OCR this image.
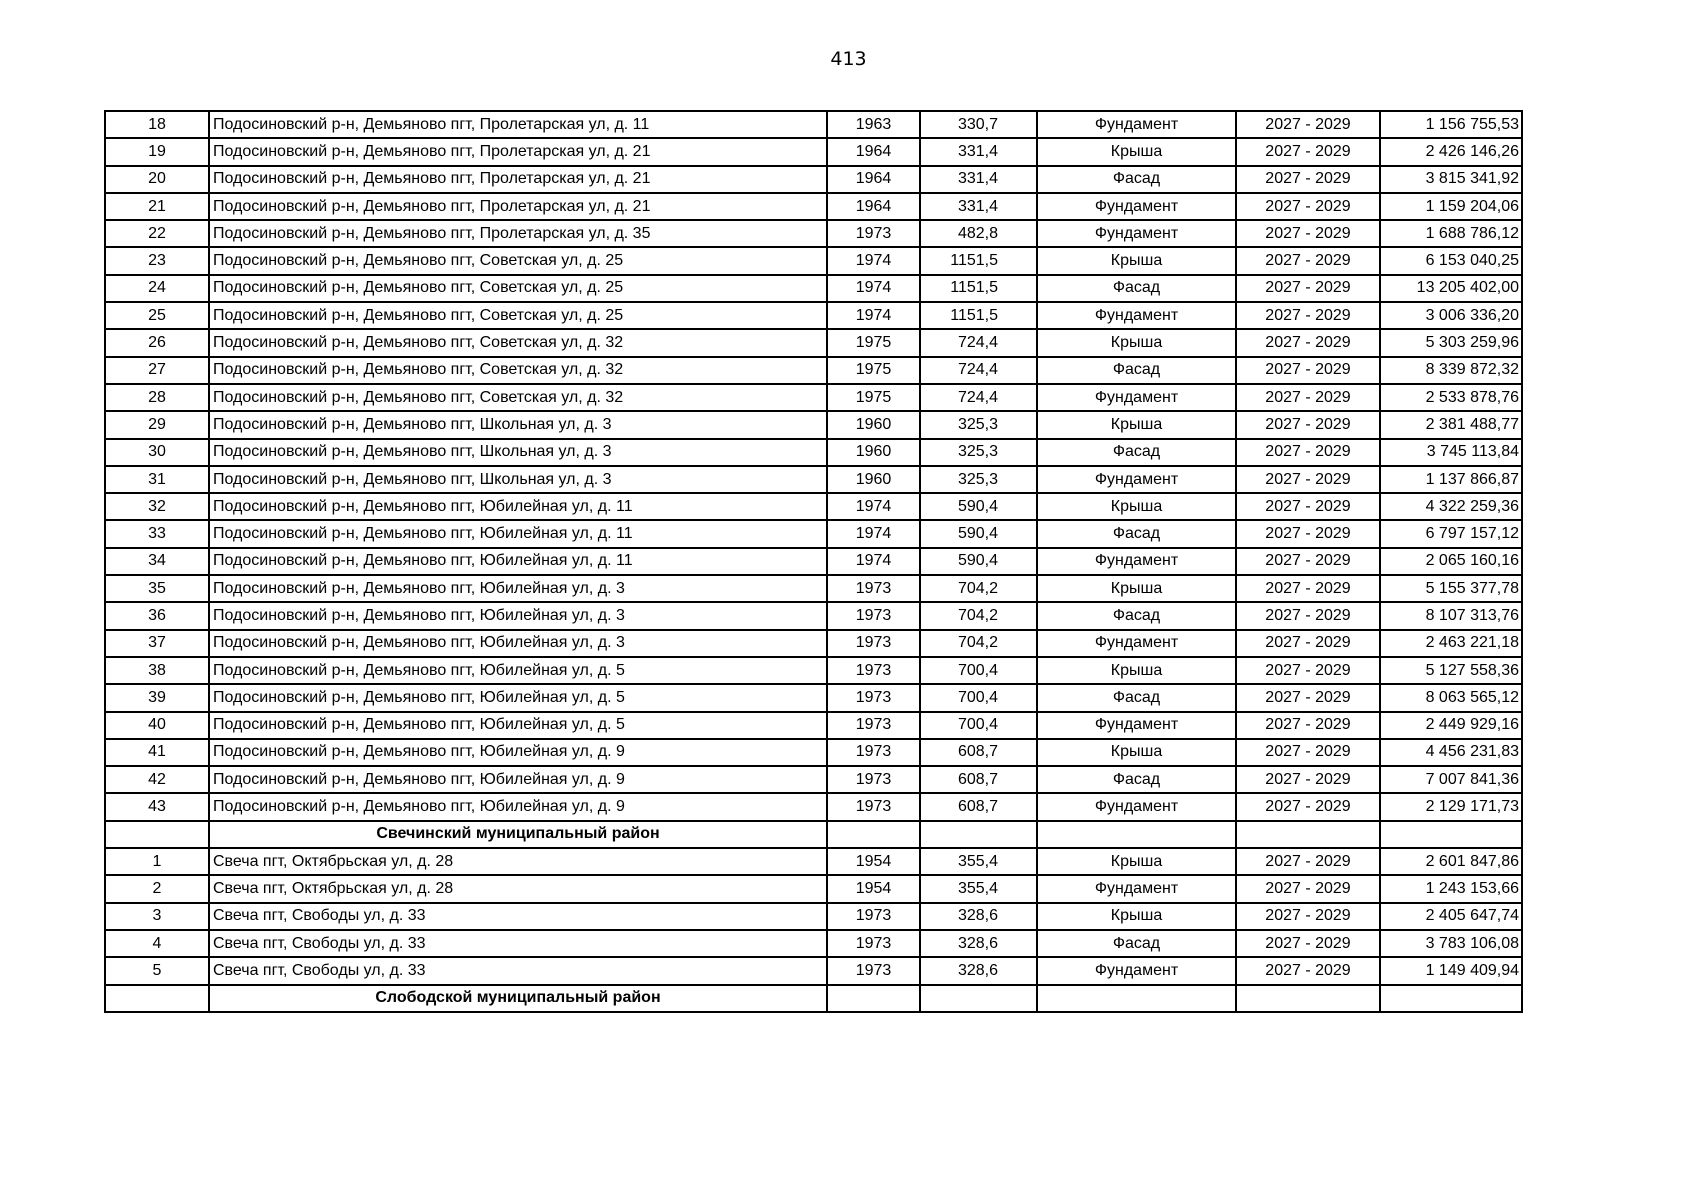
413
18	Подосиновский р-н, Демьяново пгт, Пролетарская ул, д. 11	1963	330,7	Фундамент	2027 - 2029	1 156 755,53
19	Подосиновский р-н, Демьяново пгт, Пролетарская ул, д. 21	1964	331,4	Крыша	2027 - 2029	2 426 146,26
20	Подосиновский р-н, Демьяново пгт, Пролетарская ул, д. 21	1964	331,4	Фасад	2027 - 2029	3 815 341,92
21	Подосиновский р-н, Демьяново пгт, Пролетарская ул, д. 21	1964	331,4	Фундамент	2027 - 2029	1 159 204,06
22	Подосиновский р-н, Демьяново пгт, Пролетарская ул, д. 35	1973	482,8	Фундамент	2027 - 2029	1 688 786,12
23	Подосиновский р-н, Демьяново пгт, Советская ул, д. 25	1974	1151,5	Крыша	2027 - 2029	6 153 040,25
24	Подосиновский р-н, Демьяново пгт, Советская ул, д. 25	1974	1151,5	Фасад	2027 - 2029	13 205 402,00
25	Подосиновский р-н, Демьяново пгт, Советская ул, д. 25	1974	1151,5	Фундамент	2027 - 2029	3 006 336,20
26	Подосиновский р-н, Демьяново пгт, Советская ул, д. 32	1975	724,4	Крыша	2027 - 2029	5 303 259,96
27	Подосиновский р-н, Демьяново пгт, Советская ул, д. 32	1975	724,4	Фасад	2027 - 2029	8 339 872,32
28	Подосиновский р-н, Демьяново пгт, Советская ул, д. 32	1975	724,4	Фундамент	2027 - 2029	2 533 878,76
29	Подосиновский р-н, Демьяново пгт, Школьная ул, д. 3	1960	325,3	Крыша	2027 - 2029	2 381 488,77
30	Подосиновский р-н, Демьяново пгт, Школьная ул, д. 3	1960	325,3	Фасад	2027 - 2029	3 745 113,84
31	Подосиновский р-н, Демьяново пгт, Школьная ул, д. 3	1960	325,3	Фундамент	2027 - 2029	1 137 866,87
32	Подосиновский р-н, Демьяново пгт, Юбилейная ул, д. 11	1974	590,4	Крыша	2027 - 2029	4 322 259,36
33	Подосиновский р-н, Демьяново пгт, Юбилейная ул, д. 11	1974	590,4	Фасад	2027 - 2029	6 797 157,12
34	Подосиновский р-н, Демьяново пгт, Юбилейная ул, д. 11	1974	590,4	Фундамент	2027 - 2029	2 065 160,16
35	Подосиновский р-н, Демьяново пгт, Юбилейная ул, д. 3	1973	704,2	Крыша	2027 - 2029	5 155 377,78
36	Подосиновский р-н, Демьяново пгт, Юбилейная ул, д. 3	1973	704,2	Фасад	2027 - 2029	8 107 313,76
37	Подосиновский р-н, Демьяново пгт, Юбилейная ул, д. 3	1973	704,2	Фундамент	2027 - 2029	2 463 221,18
38	Подосиновский р-н, Демьяново пгт, Юбилейная ул, д. 5	1973	700,4	Крыша	2027 - 2029	5 127 558,36
39	Подосиновский р-н, Демьяново пгт, Юбилейная ул, д. 5	1973	700,4	Фасад	2027 - 2029	8 063 565,12
40	Подосиновский р-н, Демьяново пгт, Юбилейная ул, д. 5	1973	700,4	Фундамент	2027 - 2029	2 449 929,16
41	Подосиновский р-н, Демьяново пгт, Юбилейная ул, д. 9	1973	608,7	Крыша	2027 - 2029	4 456 231,83
42	Подосиновский р-н, Демьяново пгт, Юбилейная ул, д. 9	1973	608,7	Фасад	2027 - 2029	7 007 841,36
43	Подосиновский р-н, Демьяново пгт, Юбилейная ул, д. 9	1973	608,7	Фундамент	2027 - 2029	2 129 171,73
	Свечинский муниципальный район					
1	Свеча пгт, Октябрьская ул, д. 28	1954	355,4	Крыша	2027 - 2029	2 601 847,86
2	Свеча пгт, Октябрьская ул, д. 28	1954	355,4	Фундамент	2027 - 2029	1 243 153,66
3	Свеча пгт, Свободы ул, д. 33	1973	328,6	Крыша	2027 - 2029	2 405 647,74
4	Свеча пгт, Свободы ул, д. 33	1973	328,6	Фасад	2027 - 2029	3 783 106,08
5	Свеча пгт, Свободы ул, д. 33	1973	328,6	Фундамент	2027 - 2029	1 149 409,94
	Слободской муниципальный район					
